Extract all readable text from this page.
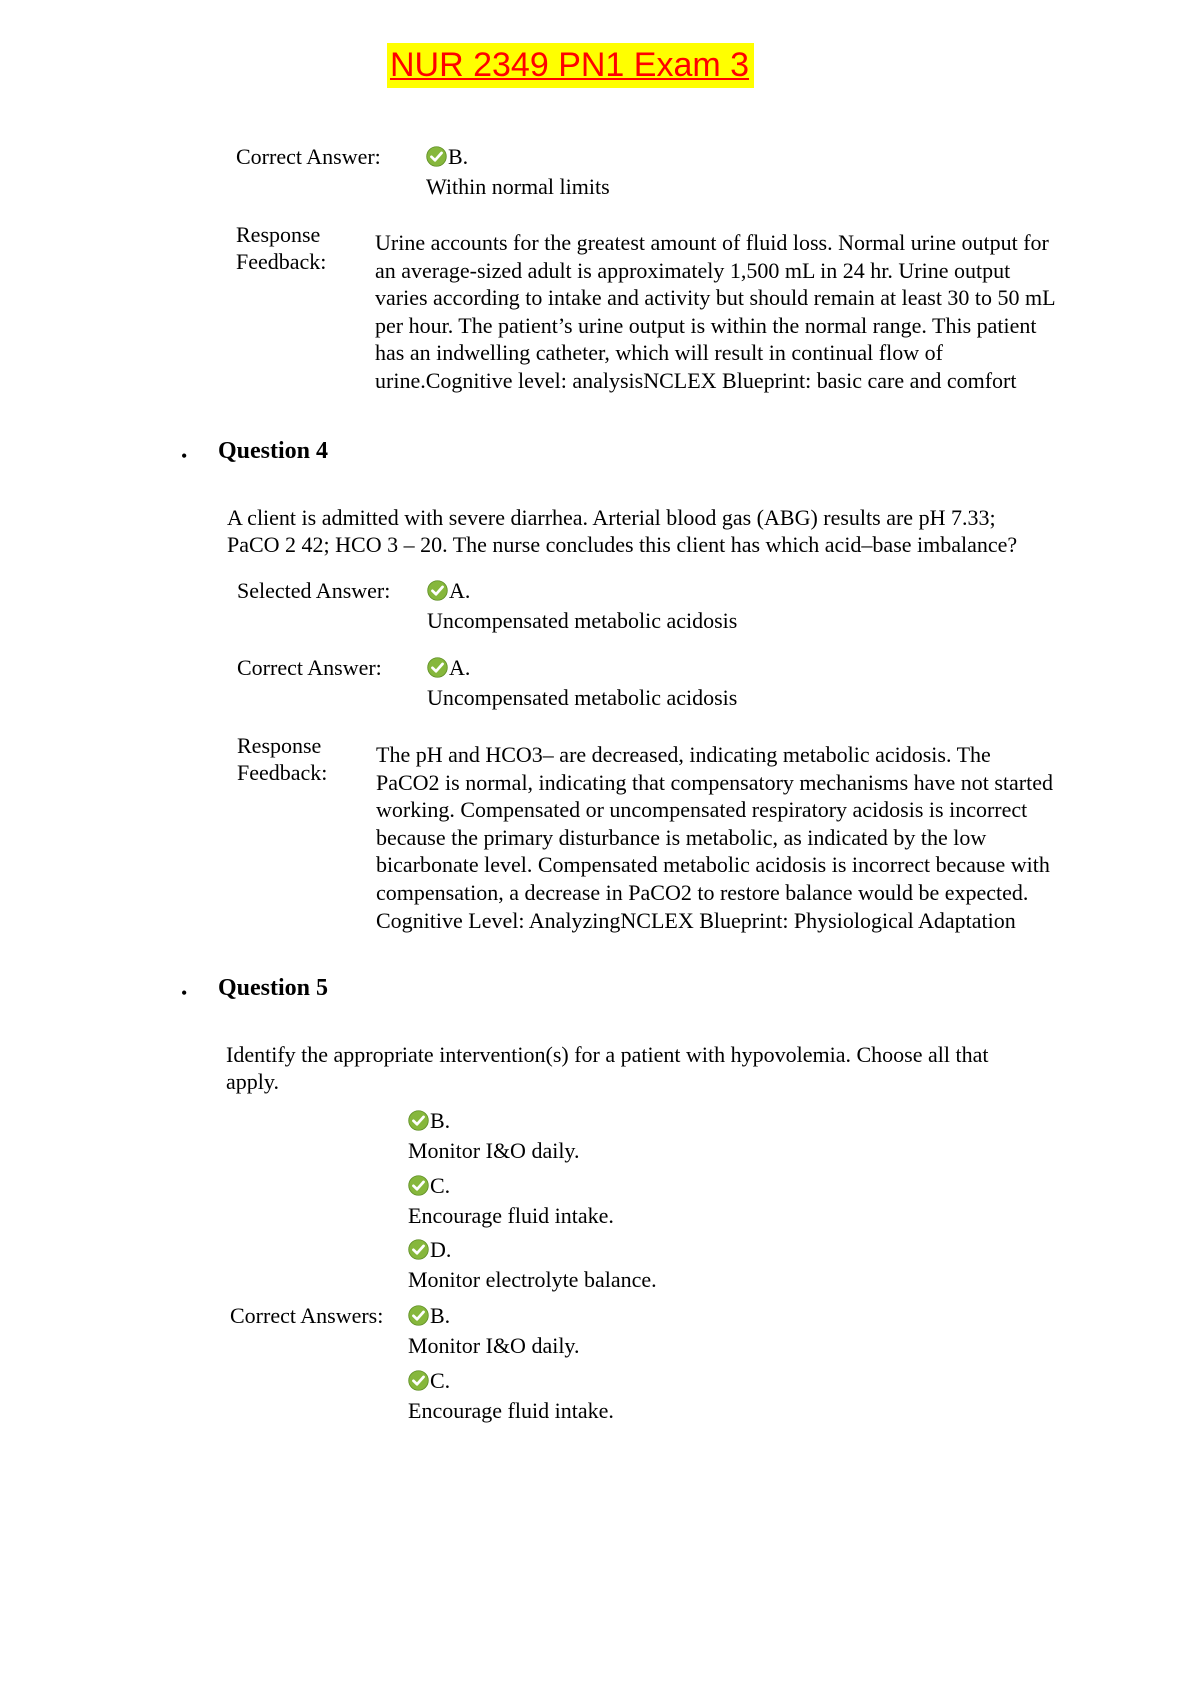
NUR 2349 PN1 Exam 3
Correct Answer:	B.
Within normal limits
Response
Feedback:
Urine accounts for the greatest amount of fluid loss. Normal urine output for
an average-sized adult is approximately 1,500 mL in 24 hr. Urine output
varies according to intake and activity but should remain at least 30 to 50 mL
per hour. The patient’s urine output is within the normal range. This patient
has an indwelling catheter, which will result in continual flow of
urine.Cognitive level: analysisNCLEX Blueprint: basic care and comfort
• Question 4
A client is admitted with severe diarrhea. Arterial blood gas (ABG) results are pH 7.33;
PaCO 2 42; HCO 3 – 20. The nurse concludes this client has which acid–base imbalance?
Selected Answer:	A.
Uncompensated metabolic acidosis
Correct Answer:	A.
Uncompensated metabolic acidosis
Response
Feedback:
The pH and HCO3– are decreased, indicating metabolic acidosis. The
PaCO2 is normal, indicating that compensatory mechanisms have not started
working. Compensated or uncompensated respiratory acidosis is incorrect
because the primary disturbance is metabolic, as indicated by the low
bicarbonate level. Compensated metabolic acidosis is incorrect because with
compensation, a decrease in PaCO2 to restore balance would be expected.
Cognitive Level: AnalyzingNCLEX Blueprint: Physiological Adaptation
• Question 5
Identify the appropriate intervention(s) for a patient with hypovolemia. Choose all that
apply.
B.
Monitor I&O daily.
C.
Encourage fluid intake.
D.
Monitor electrolyte balance.
Correct Answers: B.
Monitor I&O daily.
C.
Encourage fluid intake.
